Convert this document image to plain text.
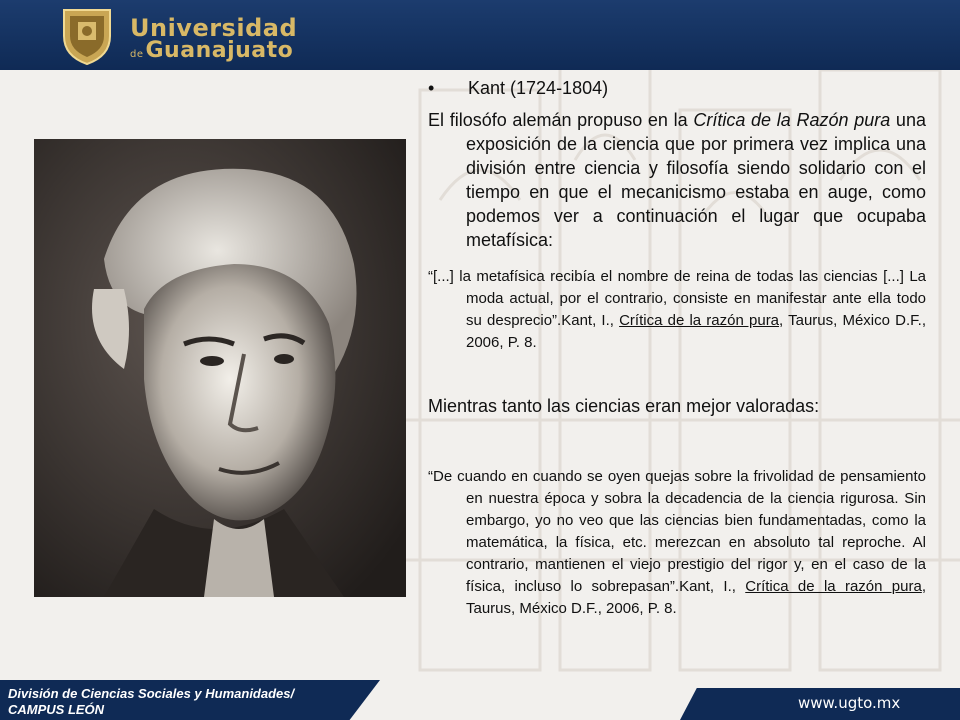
Universidad
deGuanajuato
• Kant (1724-1804)

El filosófo alemán propuso en la Crítica de la Razón pura una exposición de la ciencia que por primera vez implica una división entre ciencia y filosofía siendo solidario con el tiempo en que el mecanicismo estaba en auge, como podemos ver a continuación el lugar que ocupaba metafísica:

“[...] la metafísica recibía el nombre de reina de todas las ciencias [...] La moda actual, por el contrario, consiste en manifestar ante ella todo su desprecio”.Kant, I., Crítica de la razón pura, Taurus, México D.F., 2006, P. 8.

Mientras tanto las ciencias eran mejor valoradas:

“De cuando en cuando se oyen quejas sobre la frivolidad de pensamiento en nuestra época y sobra la decadencia de la ciencia rigurosa. Sin embargo, yo no veo que las ciencias bien fundamentadas, como la matemática, la física, etc. merezcan en absoluto tal reproche. Al contrario, mantienen el viejo prestigio del rigor y, en el caso de la física, incluso lo sobrepasan”.Kant, I., Crítica de la razón pura, Taurus, México D.F., 2006, P. 8.

División de Ciencias Sociales y Humanidades/
CAMPUS LEÓN	www.ugto.mx
